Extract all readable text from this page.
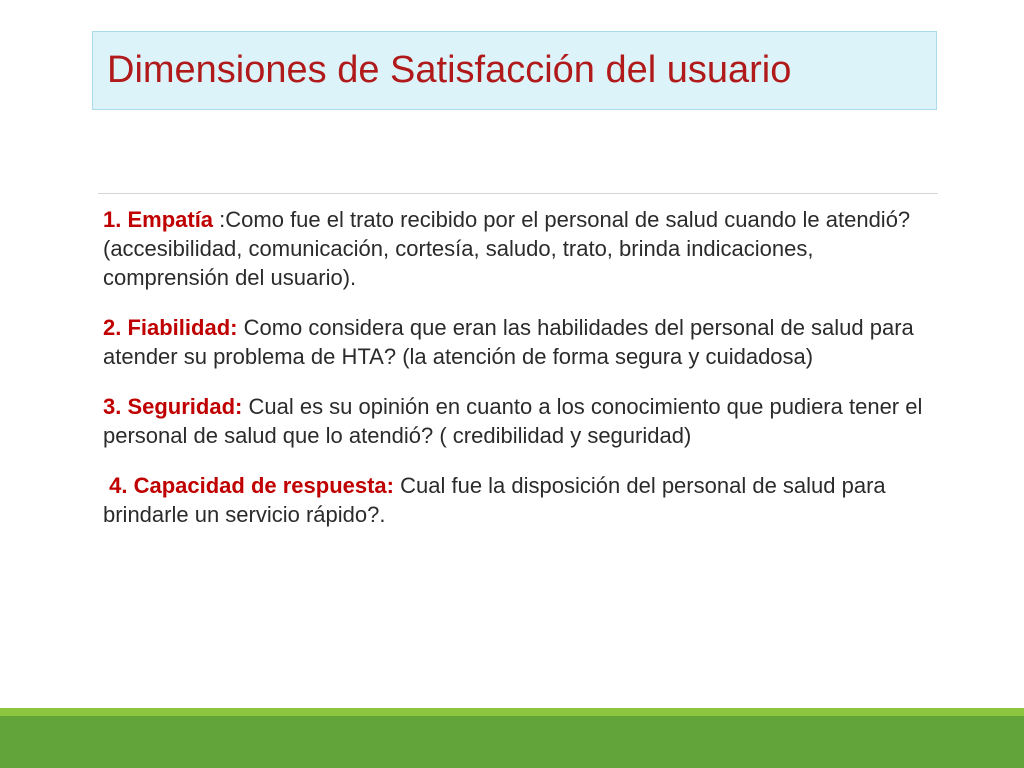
Dimensiones de Satisfacción del usuario

1. Empatía :Como fue el trato recibido por el personal de salud cuando le atendió? (accesibilidad, comunicación, cortesía, saludo, trato, brinda indicaciones, comprensión del usuario).

2. Fiabilidad: Como considera que eran las habilidades del personal de salud para atender su problema de HTA? (la atención de forma segura y cuidadosa)

3. Seguridad: Cual es su opinión en cuanto a los conocimiento que pudiera tener el personal de salud que lo atendió? ( credibilidad y seguridad)

4. Capacidad de respuesta: Cual fue la disposición del personal de salud para brindarle un servicio rápido?.
